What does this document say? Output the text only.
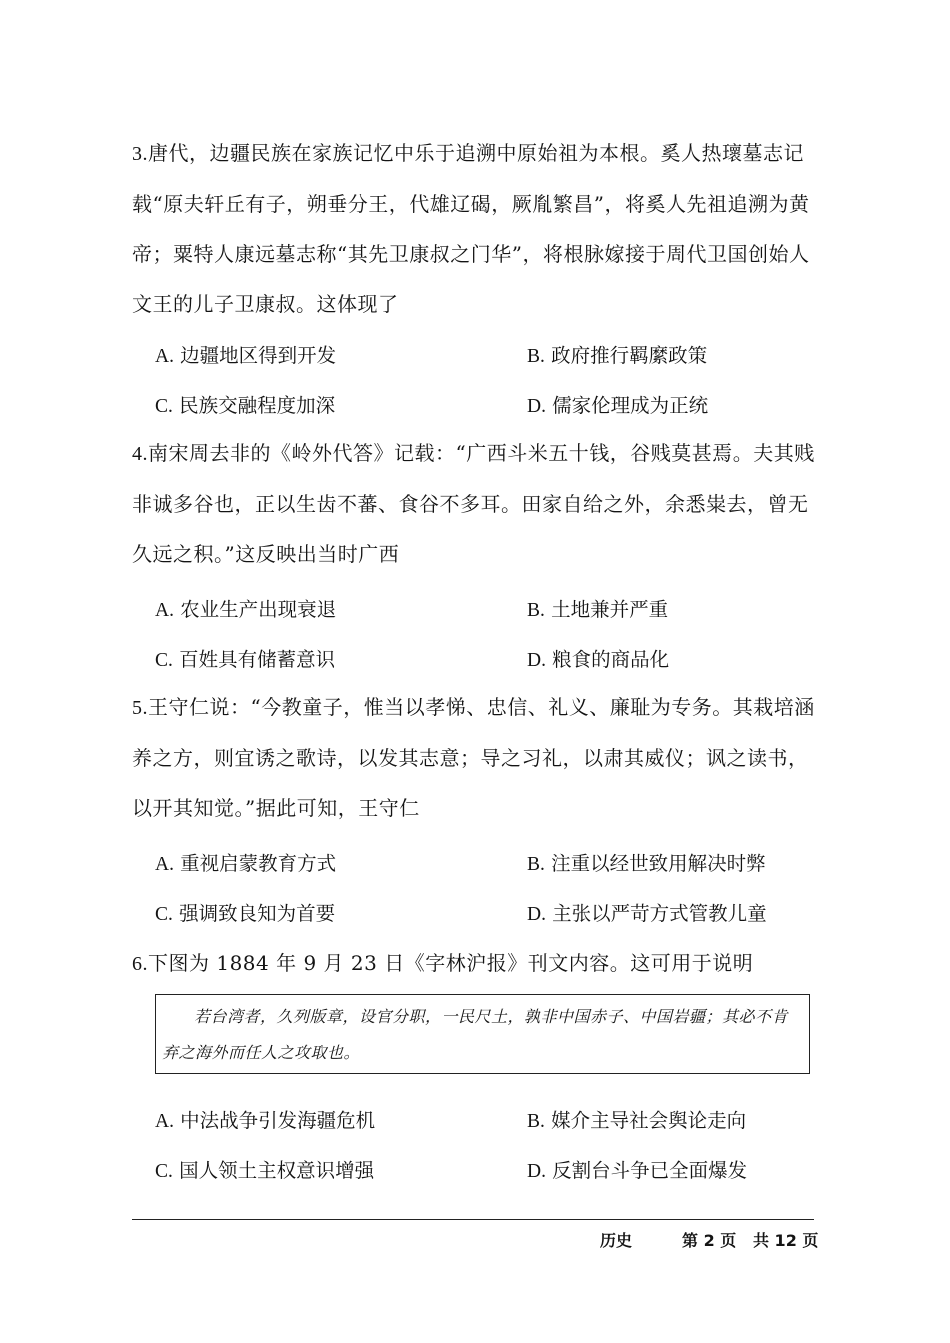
3.唐代，边疆民族在家族记忆中乐于追溯中原始祖为本根。奚人热瓌墓志记载“原夫轩丘有子，朔垂分王，代雄辽碣，厥胤繁昌”，将奚人先祖追溯为黄帝；粟特人康远墓志称“其先卫康叔之门华”，将根脉嫁接于周代卫国创始人文王的儿子卫康叔。这体现了

A. 边疆地区得到开发	B. 政府推行羁縻政策
C. 民族交融程度加深	D. 儒家伦理成为正统

4.南宋周去非的《岭外代答》记载：“广西斗米五十钱，谷贱莫甚焉。夫其贱非诚多谷也，正以生齿不蕃、食谷不多耳。田家自给之外，余悉粜去，曾无久远之积。”这反映出当时广西

A. 农业生产出现衰退	B. 土地兼并严重
C. 百姓具有储蓄意识	D. 粮食的商品化

5.王守仁说：“今教童子，惟当以孝悌、忠信、礼义、廉耻为专务。其栽培涵养之方，则宜诱之歌诗，以发其志意；导之习礼，以肃其威仪；讽之读书，以开其知觉。”据此可知，王守仁

A. 重视启蒙教育方式	B. 注重以经世致用解决时弊
C. 强调致良知为首要	D. 主张以严苛方式管教儿童

6.下图为 1884 年 9 月 23 日《字林沪报》刊文内容。这可用于说明

若台湾者，久列版章，设官分职，一民尺土，孰非中国赤子、中国岩疆；其必不肯弃之海外而任人之攻取也。

A. 中法战争引发海疆危机	B. 媒介主导社会舆论走向
C. 国人领土主权意识增强	D. 反割台斗争已全面爆发
历史	第 2 页   共 12 页
